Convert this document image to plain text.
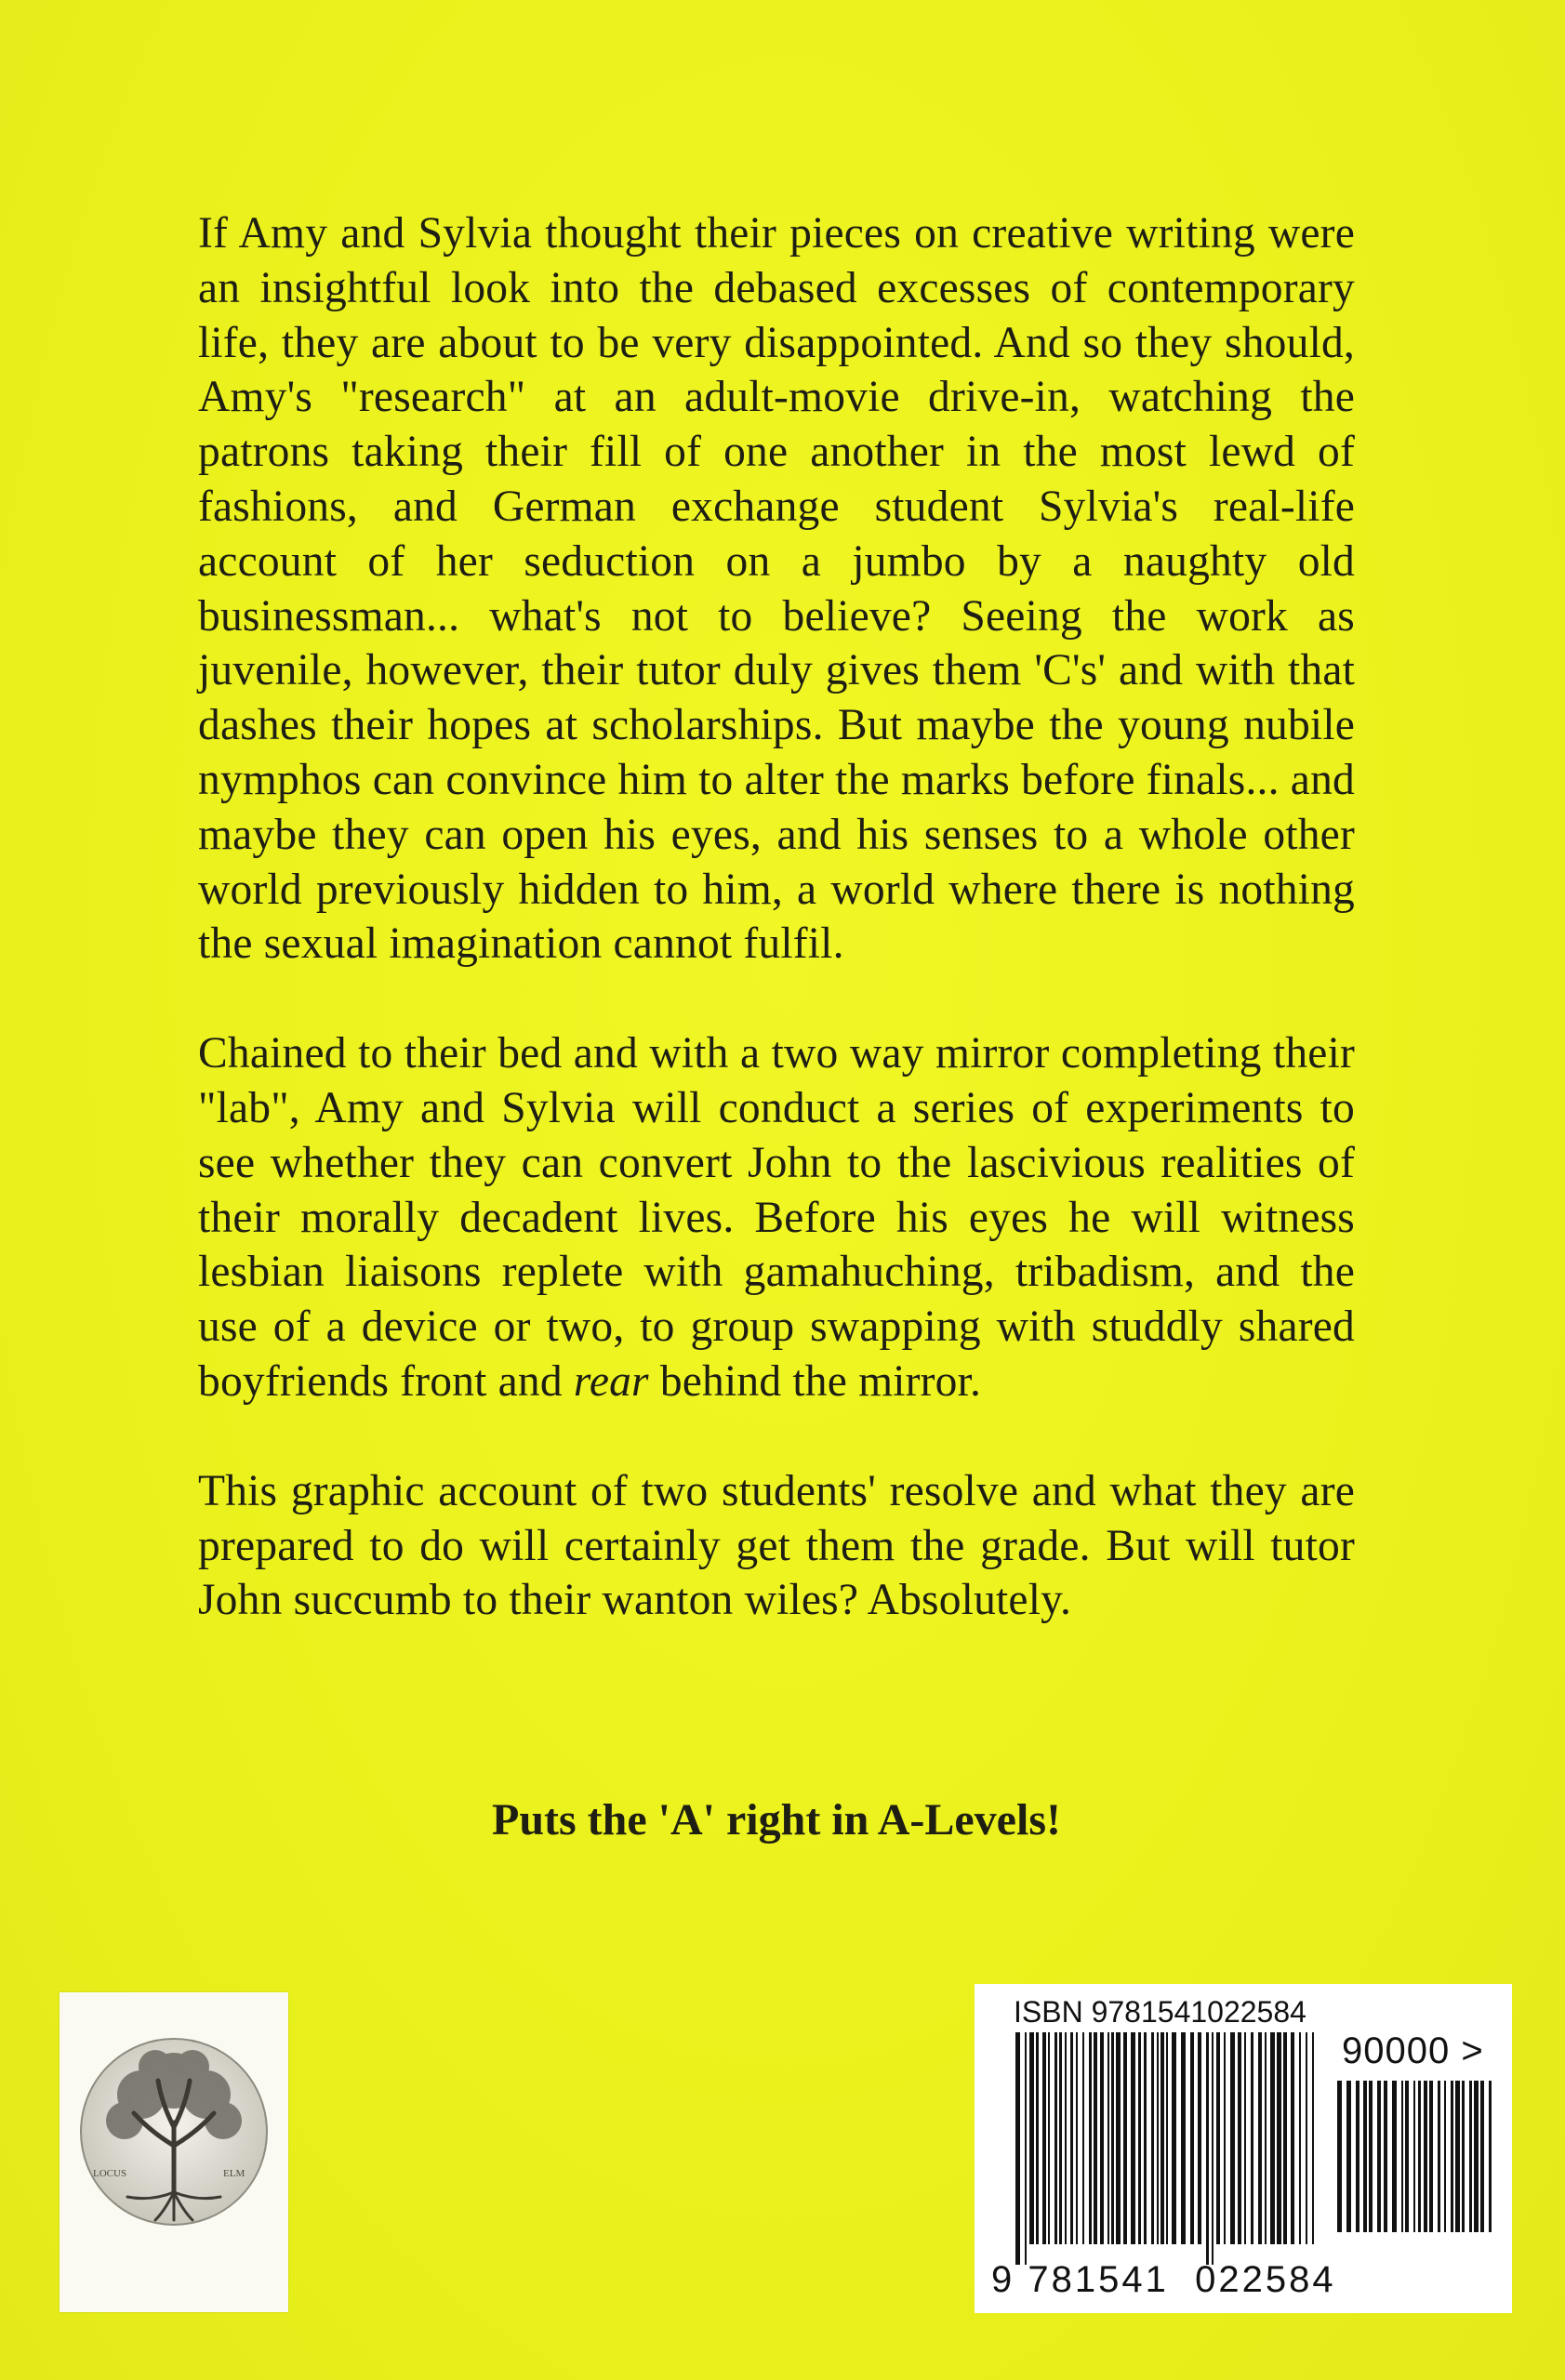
If Amy and Sylvia thought their pieces on creative writing were an insightful look into the debased excesses of contemporary life, they are about to be very disappointed. And so they should, Amy's "research" at an adult-movie drive-in, watching the patrons taking their fill of one another in the most lewd of fashions, and German exchange student Sylvia's real-life account of her seduction on a jumbo by a naughty old businessman... what's not to believe? Seeing the work as juvenile, however, their tutor duly gives them 'C's' and with that dashes their hopes at scholarships. But maybe the young nubile nymphos can convince him to alter the marks before finals... and maybe they can open his eyes, and his senses to a whole other world previously hidden to him, a world where there is nothing the sexual imagination cannot fulfil.

Chained to their bed and with a two way mirror completing their "lab", Amy and Sylvia will conduct a series of experiments to see whether they can convert John to the lascivious realities of their morally decadent lives. Before his eyes he will witness lesbian liaisons replete with gamahuching, tribadism, and the use of a device or two, to group swapping with studdly shared boyfriends front and rear behind the mirror.

This graphic account of two students' resolve and what they are prepared to do will certainly get them the grade. But will tutor John succumb to their wanton wiles? Absolutely.

Puts the 'A' right in A-Levels!
LOCUS	ELM
ISBN 9781541022584
90000 >
9 781541 022584
